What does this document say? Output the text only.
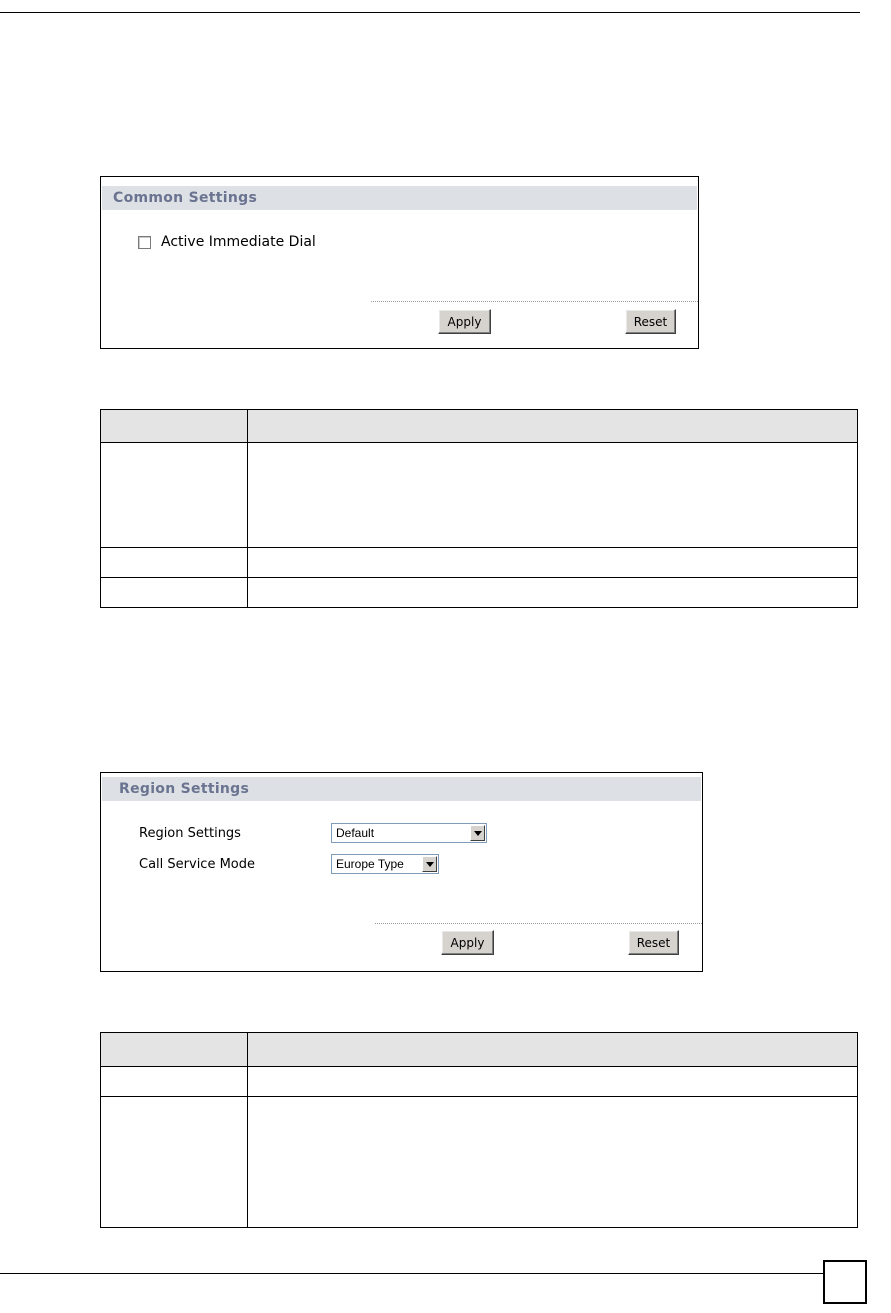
Common Settings
Active Immediate Dial
Apply	Reset

Region Settings
Region Settings	Default
Call Service Mode	Europe Type
Apply	Reset
